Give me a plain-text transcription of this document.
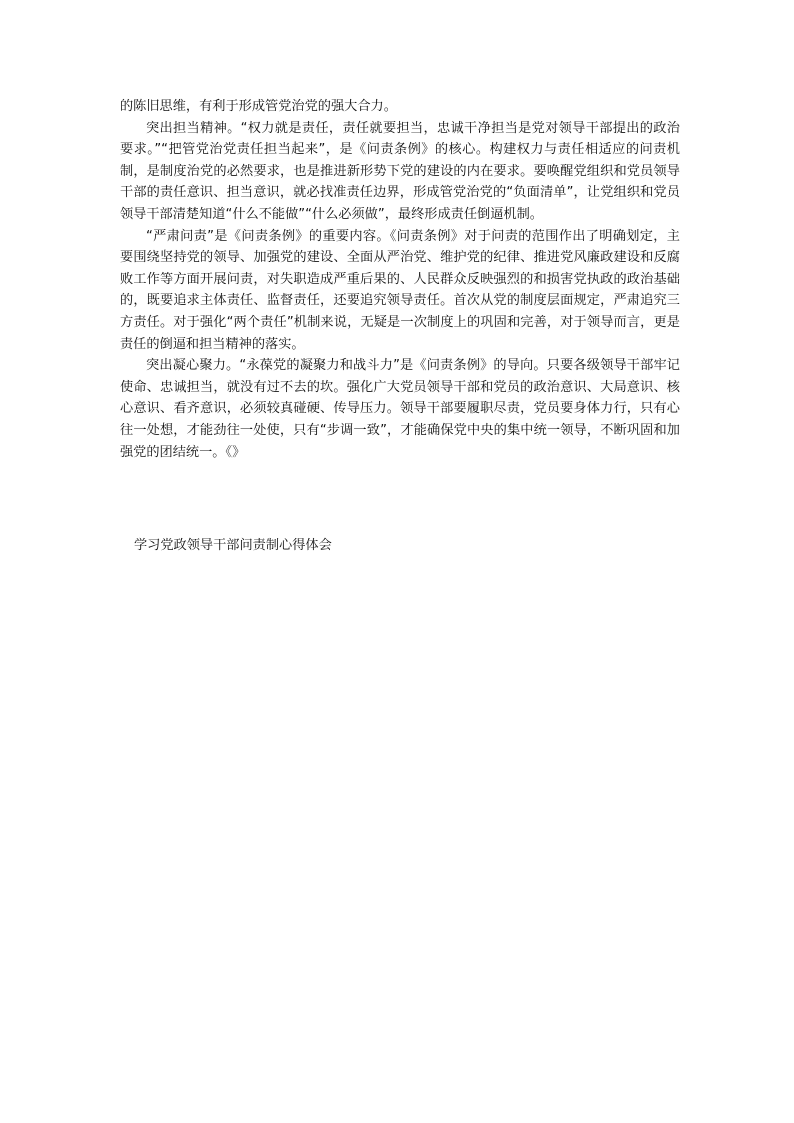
的陈旧思维，有利于形成管党治党的强大合力。

突出担当精神。“权力就是责任，责任就要担当，忠诚干净担当是党对领导干部提出的政治要求。”“把管党治党责任担当起来”，是《问责条例》的核心。构建权力与责任相适应的问责机制，是制度治党的必然要求，也是推进新形势下党的建设的内在要求。要唤醒党组织和党员领导干部的责任意识、担当意识，就必找准责任边界，形成管党治党的“负面清单”，让党组织和党员领导干部清楚知道“什么不能做”“什么必须做”，最终形成责任倒逼机制。

“严肃问责”是《问责条例》的重要内容。《问责条例》对于问责的范围作出了明确划定，主要围绕坚持党的领导、加强党的建设、全面从严治党、维护党的纪律、推进党风廉政建设和反腐败工作等方面开展问责，对失职造成严重后果的、人民群众反映强烈的和损害党执政的政治基础的，既要追求主体责任、监督责任，还要追究领导责任。首次从党的制度层面规定，严肃追究三方责任。对于强化“两个责任”机制来说，无疑是一次制度上的巩固和完善，对于领导而言，更是责任的倒逼和担当精神的落实。

突出凝心聚力。“永葆党的凝聚力和战斗力”是《问责条例》的导向。只要各级领导干部牢记使命、忠诚担当，就没有过不去的坎。强化广大党员领导干部和党员的政治意识、大局意识、核心意识、看齐意识，必须较真碰硬、传导压力。领导干部要履职尽责，党员要身体力行，只有心往一处想，才能劲往一处使，只有“步调一致”，才能确保党中央的集中统一领导，不断巩固和加强党的团结统一。《》

学习党政领导干部问责制心得体会
